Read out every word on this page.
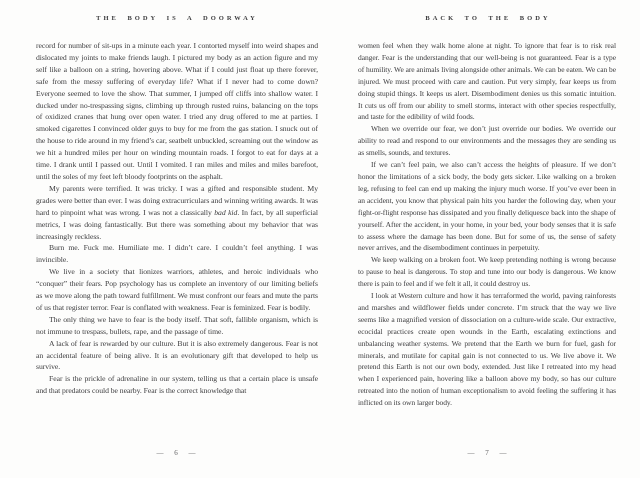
THE BODY IS A DOORWAY

record for number of sit-ups in a minute each year. I contorted myself into weird shapes and dislocated my joints to make friends laugh. I pictured my body as an action figure and my self like a balloon on a string, hovering above. What if I could just float up there forever, safe from the messy suffering of everyday life? What if I never had to come down? Everyone seemed to love the show. That summer, I jumped off cliffs into shallow water. I ducked under no-trespassing signs, climbing up through rusted ruins, balancing on the tops of oxidized cranes that hung over open water. I tried any drug offered to me at parties. I smoked cigarettes I convinced older guys to buy for me from the gas station. I snuck out of the house to ride around in my friend’s car, seatbelt unbuckled, screaming out the window as we hit a hundred miles per hour on winding mountain roads. I forgot to eat for days at a time. I drank until I passed out. Until I vomited. I ran miles and miles and miles barefoot, until the soles of my feet left bloody footprints on the asphalt.

My parents were terrified. It was tricky. I was a gifted and responsible student. My grades were better than ever. I was doing extracurriculars and winning writing awards. It was hard to pinpoint what was wrong. I was not a classically bad kid. In fact, by all superficial metrics, I was doing fantastically. But there was something about my behavior that was increasingly reckless.

Burn me. Fuck me. Humiliate me. I didn’t care. I couldn’t feel anything. I was invincible.

We live in a society that lionizes warriors, athletes, and heroic individuals who “conquer” their fears. Pop psychology has us complete an inventory of our limiting beliefs as we move along the path toward fulfillment. We must confront our fears and mute the parts of us that register terror. Fear is conflated with weakness. Fear is feminized. Fear is bodily.

The only thing we have to fear is the body itself. That soft, fallible organism, which is not immune to trespass, bullets, rape, and the passage of time.

A lack of fear is rewarded by our culture. But it is also extremely dangerous. Fear is not an accidental feature of being alive. It is an evolutionary gift that developed to help us survive.

Fear is the prickle of adrenaline in our system, telling us that a certain place is unsafe and that predators could be nearby. Fear is the correct knowledge that

— 6 —
BACK TO THE BODY

women feel when they walk home alone at night. To ignore that fear is to risk real danger. Fear is the understanding that our well-being is not guaranteed. Fear is a type of humility. We are animals living alongside other animals. We can be eaten. We can be injured. We must proceed with care and caution. Put very simply, fear keeps us from doing stupid things. It keeps us alert. Disembodiment denies us this somatic intuition. It cuts us off from our ability to smell storms, interact with other species respectfully, and taste for the edibility of wild foods.

When we override our fear, we don’t just override our bodies. We override our ability to read and respond to our environments and the messages they are sending us as smells, sounds, and textures.

If we can’t feel pain, we also can’t access the heights of pleasure. If we don’t honor the limitations of a sick body, the body gets sicker. Like walking on a broken leg, refusing to feel can end up making the injury much worse. If you’ve ever been in an accident, you know that physical pain hits you harder the following day, when your fight-or-flight response has dissipated and you finally deliquesce back into the shape of yourself. After the accident, in your home, in your bed, your body senses that it is safe to assess where the damage has been done. But for some of us, the sense of safety never arrives, and the disembodiment continues in perpetuity.

We keep walking on a broken foot. We keep pretending nothing is wrong because to pause to heal is dangerous. To stop and tune into our body is dangerous. We know there is pain to feel and if we felt it all, it could destroy us.

I look at Western culture and how it has terraformed the world, paving rainforests and marshes and wildflower fields under concrete. I’m struck that the way we live seems like a magnified version of dissociation on a culture-wide scale. Our extractive, ecocidal practices create open wounds in the Earth, escalating extinctions and unbalancing weather systems. We pretend that the Earth we burn for fuel, gash for minerals, and mutilate for capital gain is not connected to us. We live above it. We pretend this Earth is not our own body, extended. Just like I retreated into my head when I experienced pain, hovering like a balloon above my body, so has our culture retreated into the notion of human exceptionalism to avoid feeling the suffering it has inflicted on its own larger body.

— 7 —
